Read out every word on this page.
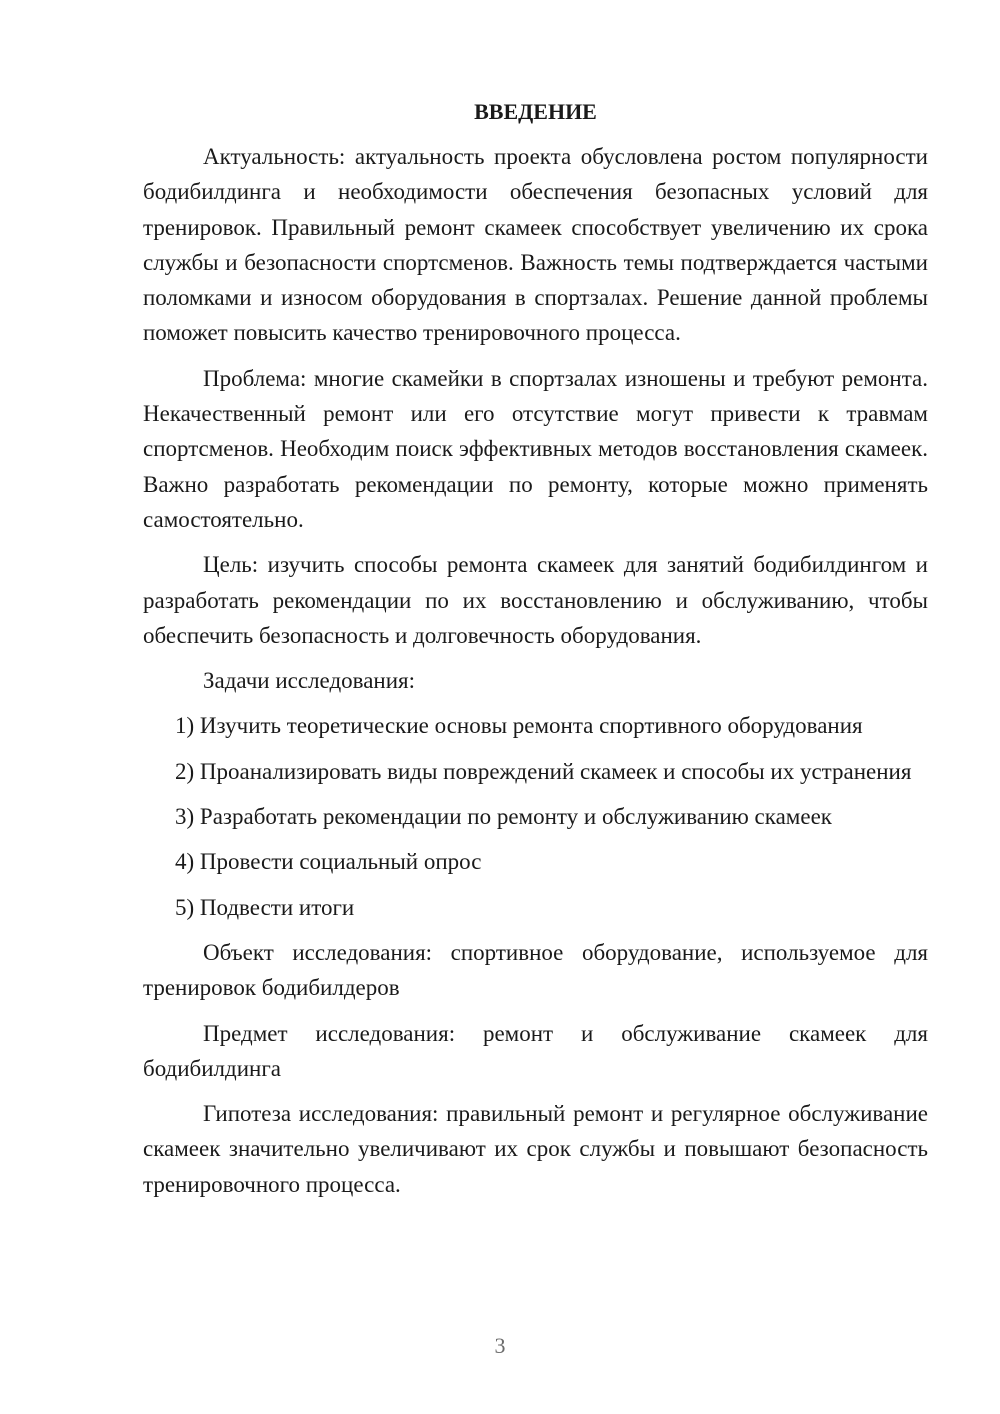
ВВЕДЕНИЕ

Актуальность: актуальность проекта обусловлена ростом популярности бодибилдинга и необходимости обеспечения безопасных условий для тренировок. Правильный ремонт скамеек способствует увеличению их срока службы и безопасности спортсменов. Важность темы подтверждается частыми поломками и износом оборудования в спортзалах. Решение данной проблемы поможет повысить качество тренировочного процесса.

Проблема: многие скамейки в спортзалах изношены и требуют ремонта. Некачественный ремонт или его отсутствие могут привести к травмам спортсменов. Необходим поиск эффективных методов восстановления скамеек. Важно разработать рекомендации по ремонту, которые можно применять самостоятельно.

Цель: изучить способы ремонта скамеек для занятий бодибилдингом и разработать рекомендации по их восстановлению и обслуживанию, чтобы обеспечить безопасность и долговечность оборудования.

Задачи исследования:

1) Изучить теоретические основы ремонта спортивного оборудования

2) Проанализировать виды повреждений скамеек и способы их устранения

3) Разработать рекомендации по ремонту и обслуживанию скамеек

4) Провести социальный опрос

5) Подвести итоги

Объект исследования: спортивное оборудование, используемое для тренировок бодибилдеров

Предмет исследования: ремонт и обслуживание скамеек для бодибилдинга

Гипотеза исследования: правильный ремонт и регулярное обслуживание скамеек значительно увеличивают их срок службы и повышают безопасность тренировочного процесса.

3
